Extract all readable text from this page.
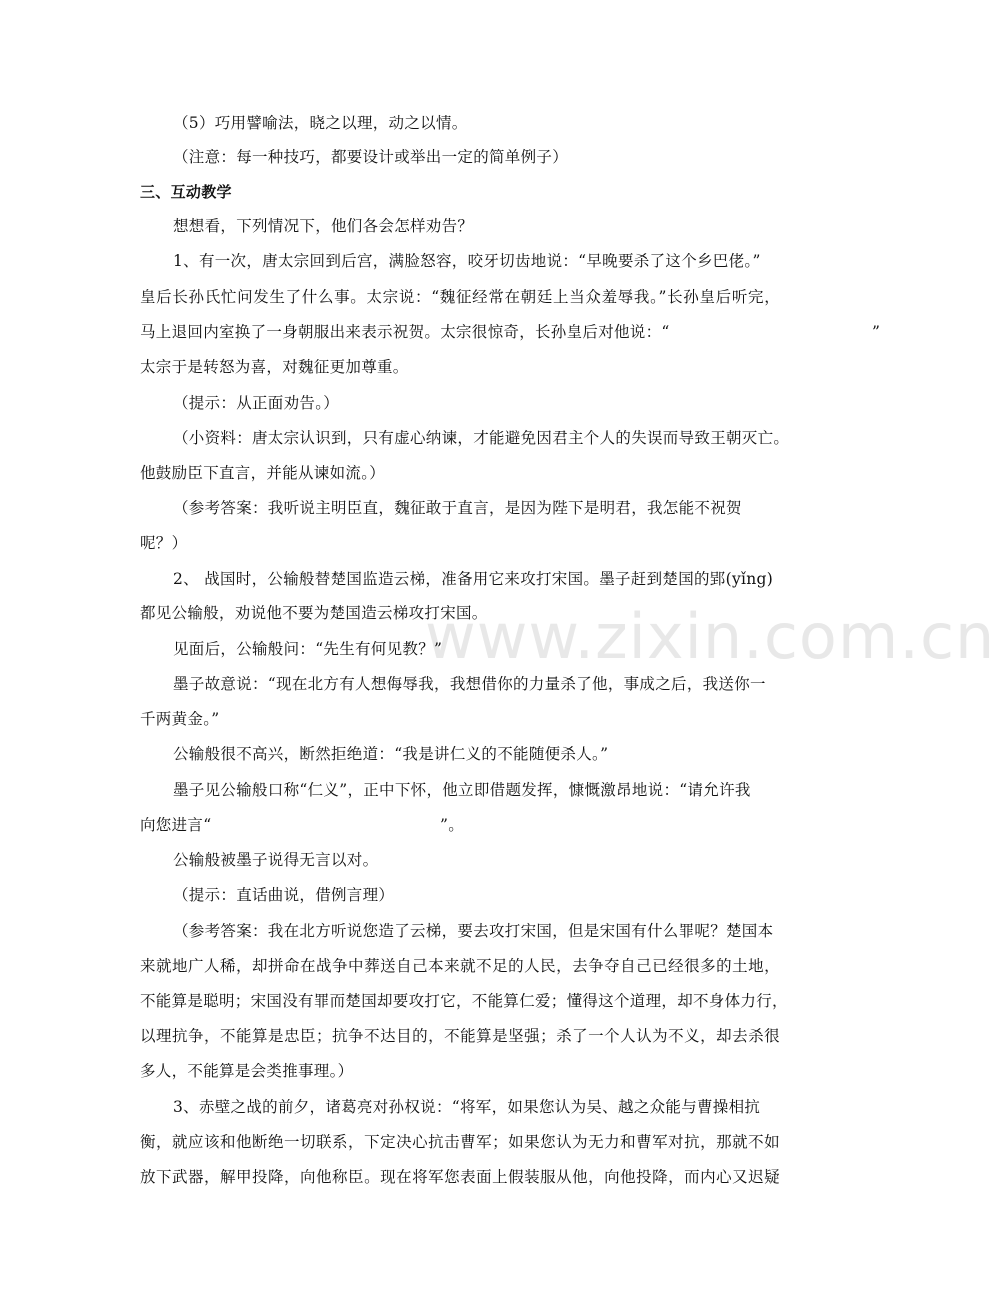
www.zixin.com.cn
（5）巧用譬喻法，晓之以理，动之以情。
（注意：每一种技巧，都要设计或举出一定的简单例子）
三、互动教学
想想看，下列情况下，他们各会怎样劝告？
1、有一次，唐太宗回到后宫，满脸怒容，咬牙切齿地说：“早晚要杀了这个乡巴佬。”
皇后长孙氏忙问发生了什么事。太宗说：“魏征经常在朝廷上当众羞辱我。”长孙皇后听完，
马上退回内室换了一身朝服出来表示祝贺。太宗很惊奇，长孙皇后对他说：“	”
太宗于是转怒为喜，对魏征更加尊重。
（提示：从正面劝告。）
（小资料：唐太宗认识到，只有虚心纳谏，才能避免因君主个人的失误而导致王朝灭亡。
他鼓励臣下直言，并能从谏如流。）
（参考答案：我听说主明臣直，魏征敢于直言，是因为陛下是明君，我怎能不祝贺
呢？）
2、 战国时，公输般替楚国监造云梯，准备用它来攻打宋国。墨子赶到楚国的郢(yǐng)
都见公输般，劝说他不要为楚国造云梯攻打宋国。
见面后，公输般问：“先生有何见教？”
墨子故意说：“现在北方有人想侮辱我，我想借你的力量杀了他，事成之后，我送你一
千两黄金。”
公输般很不高兴，断然拒绝道：“我是讲仁义的不能随便杀人。”
墨子见公输般口称“仁义”，正中下怀，他立即借题发挥，慷慨激昂地说：“请允许我
向您进言“	”。
公输般被墨子说得无言以对。
（提示：直话曲说，借例言理）
（参考答案：我在北方听说您造了云梯，要去攻打宋国，但是宋国有什么罪呢？楚国本
来就地广人稀，却拼命在战争中葬送自己本来就不足的人民，去争夺自己已经很多的土地，
不能算是聪明；宋国没有罪而楚国却要攻打它，不能算仁爱；懂得这个道理，却不身体力行，
以理抗争，不能算是忠臣；抗争不达目的，不能算是坚强；杀了一个人认为不义，却去杀很
多人，不能算是会类推事理。）
3、赤壁之战的前夕，诸葛亮对孙权说：“将军，如果您认为吴、越之众能与曹操相抗
衡，就应该和他断绝一切联系，下定决心抗击曹军；如果您认为无力和曹军对抗，那就不如
放下武器，解甲投降，向他称臣。现在将军您表面上假装服从他，向他投降，而内心又迟疑
